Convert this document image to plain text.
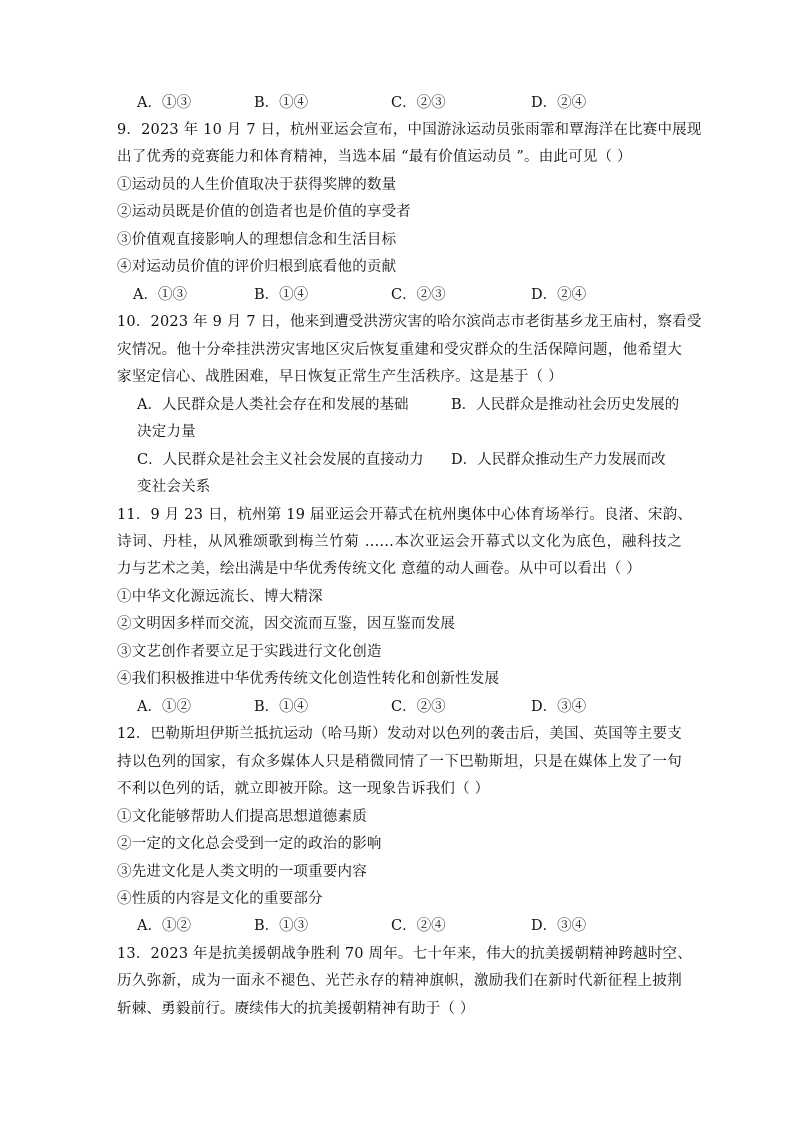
A．①③	B．①④	C．②③	D．②④
9．2023 年 10 月 7 日，杭州亚运会宣布，中国游泳运动员张雨霏和覃海洋在比赛中展现
出了优秀的竞赛能力和体育精神，当选本届 “最有价值运动员 ”。由此可见（ ）
①运动员的人生价值取决于获得奖牌的数量
②运动员既是价值的创造者也是价值的享受者
③价值观直接影响人的理想信念和生活目标
④对运动员价值的评价归根到底看他的贡献
A．①③	B．①④	C．②③	D．②④
10．2023 年 9 月 7 日，他来到遭受洪涝灾害的哈尔滨尚志市老街基乡龙王庙村，察看受
灾情况。他十分牵挂洪涝灾害地区灾后恢复重建和受灾群众的生活保障问题，他希望大
家坚定信心、战胜困难，早日恢复正常生产生活秩序。这是基于（ ）
A．人民群众是人类社会存在和发展的基础	B．人民群众是推动社会历史发展的
决定力量
C．人民群众是社会主义社会发展的直接动力 D．人民群众推动生产力发展而改
变社会关系
11．9 月 23 日，杭州第 19 届亚运会开幕式在杭州奥体中心体育场举行。良渚、宋韵、
诗词、丹桂，从风雅颂歌到梅兰竹菊 ……本次亚运会开幕式以文化为底色，融科技之
力与艺术之美，绘出满是中华优秀传统文化 意蕴的动人画卷。从中可以看出（ ）
①中华文化源远流长、博大精深
②文明因多样而交流，因交流而互鉴，因互鉴而发展
③文艺创作者要立足于实践进行文化创造
④我们积极推进中华优秀传统文化创造性转化和创新性发展
A．①②	B．①④	C．②③	D．③④
12．巴勒斯坦伊斯兰抵抗运动（哈马斯）发动对以色列的袭击后，美国、英国等主要支
持以色列的国家，有众多媒体人只是稍微同情了一下巴勒斯坦，只是在媒体上发了一句
不利以色列的话，就立即被开除。这一现象告诉我们（ ）
①文化能够帮助人们提高思想道德素质
②一定的文化总会受到一定的政治的影响
③先进文化是人类文明的一项重要内容
④性质的内容是文化的重要部分
A．①②	B．①③	C．②④	D．③④
13．2023 年是抗美援朝战争胜利 70 周年。七十年来，伟大的抗美援朝精神跨越时空、
历久弥新，成为一面永不褪色、光芒永存的精神旗帜，激励我们在新时代新征程上披荆
斩棘、勇毅前行。赓续伟大的抗美援朝精神有助于（ ）
